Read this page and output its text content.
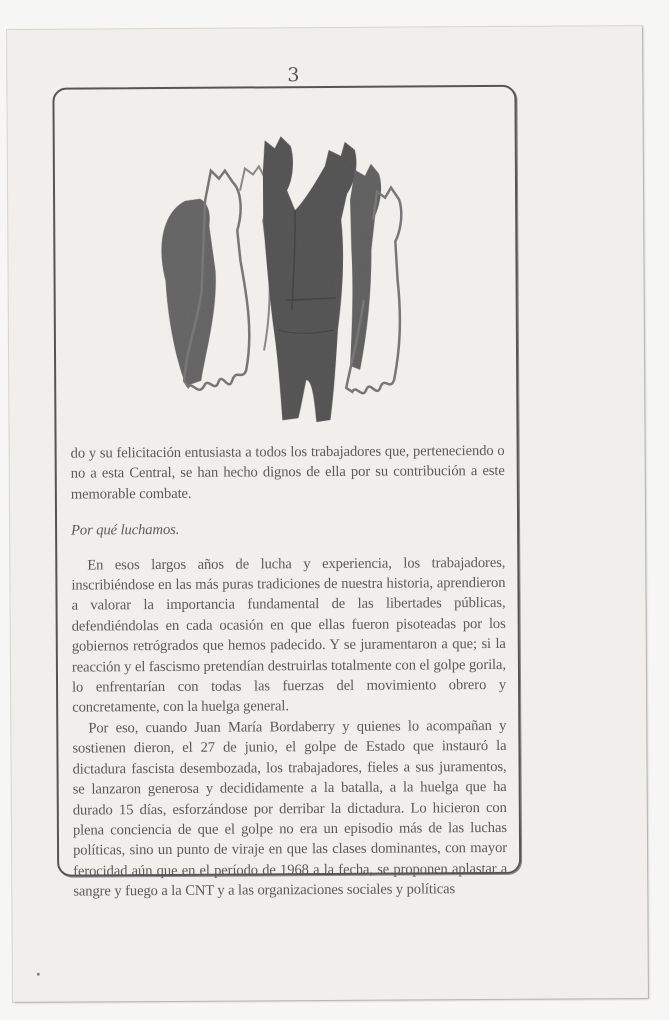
3

do y su felicitación entusiasta a todos los trabajadores que, perteneciendo o no a esta Central, se han hecho dignos de ella por su contribución a este memorable combate.

Por qué luchamos.

En esos largos años de lucha y experiencia, los trabajadores, inscribiéndose en las más puras tradiciones de nuestra historia, aprendieron a valorar la importancia fundamental de las libertades públicas, defendiéndolas en cada ocasión en que ellas fueron pisoteadas por los gobiernos retrógrados que hemos padecido. Y se juramentaron a que; si la reacción y el fascismo pretendían destruirlas totalmente con el golpe gorila, lo enfrentarían con todas las fuerzas del movimiento obrero y concretamente, con la huelga general.

Por eso, cuando Juan María Bordaberry y quienes lo acompañan y sostienen dieron, el 27 de junio, el golpe de Estado que instauró la dictadura fascista desembozada, los trabajadores, fieles a sus juramentos, se lanzaron generosa y decididamente a la batalla, a la huelga que ha durado 15 días, esforzándose por derribar la dictadura. Lo hicieron con plena conciencia de que el golpe no era un episodio más de las luchas políticas, sino un punto de viraje en que las clases dominantes, con mayor ferocidad aún que en el período de 1968 a la fecha, se proponen aplastar a sangre y fuego a la CNT y a las organizaciones sociales y políticas
